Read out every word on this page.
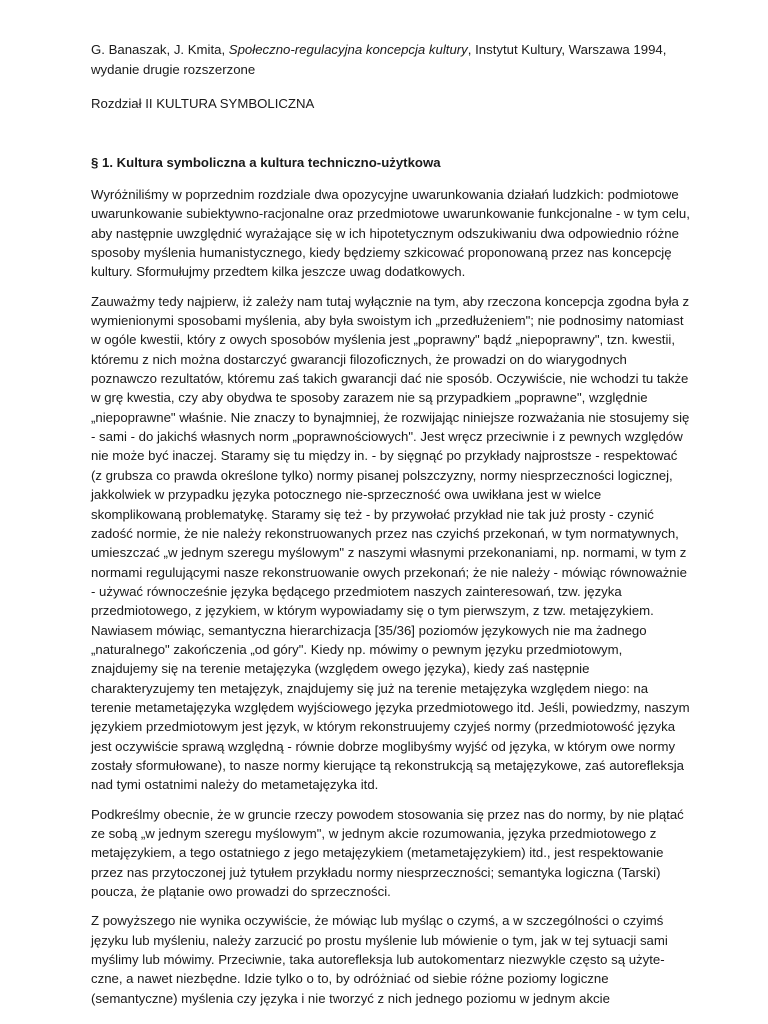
G. Banaszak, J. Kmita, Społeczno-regulacyjna koncepcja kultury, Instytut Kultury, Warszawa 1994, wydanie drugie rozszerzone

Rozdział II KULTURA SYMBOLICZNA

§ 1. Kultura symboliczna a kultura techniczno-użytkowa

Wyróżniliśmy w poprzednim rozdziale dwa opozycyjne uwarunkowania działań ludzkich: podmiotowe uwarunkowanie subiektywno-racjonalne oraz przedmiotowe uwarunkowanie funkcjonalne - w tym celu, aby następnie uwzględnić wyrażające się w ich hipotetycznym odszukiwaniu dwa odpowiednio różne sposoby myślenia humanistycznego, kiedy będziemy szkicować proponowaną przez nas koncepcję kultury. Sformułujmy przedtem kilka jeszcze uwag dodatkowych.

Zauważmy tedy najpierw, iż zależy nam tutaj wyłącznie na tym, aby rzeczona koncepcja zgodna była z wymienionymi sposobami myślenia, aby była swoistym ich „przedłużeniem"; nie podnosimy natomiast w ogóle kwestii, który z owych sposobów myślenia jest „poprawny" bądź „niepoprawny", tzn. kwestii, któremu z nich można dostarczyć gwarancji filozoficznych, że prowadzi on do wiarygodnych poznawczo rezultatów, któremu zaś takich gwarancji dać nie sposób. Oczywiście, nie wchodzi tu także w grę kwestia, czy aby obydwa te sposoby zarazem nie są przypadkiem „poprawne", względnie „niepoprawne" właśnie. Nie znaczy to bynajmniej, że rozwijając niniejsze rozważania nie stosujemy się - sami - do jakichś własnych norm „poprawnościowych". Jest wręcz przeciwnie i z pewnych względów nie może być inaczej. Staramy się tu między in. - by sięgnąć po przykłady najprostsze - respektować (z grubsza co prawda określone tylko) normy pisanej polszczyzny, normy niesprzeczności logicznej, jakkolwiek w przypadku języka potocznego nie-sprzeczność owa uwikłana jest w wielce skomplikowaną problematykę. Staramy się też - by przywołać przykład nie tak już prosty - czynić zadość normie, że nie należy rekonstruowanych przez nas czyichś przekonań, w tym normatywnych, umieszczać „w jednym szeregu myślowym" z naszymi własnymi przekonaniami, np. normami, w tym z normami regulującymi nasze rekonstruowanie owych przekonań; że nie należy - mówiąc równoważnie - używać równocześnie języka będącego przedmiotem naszych zainteresowań, tzw. języka przedmiotowego, z językiem, w którym wypowiadamy się o tym pierwszym, z tzw. metajęzykiem. Nawiasem mówiąc, semantyczna hierarchizacja [35/36] poziomów językowych nie ma żadnego „naturalnego" zakończenia „od góry". Kiedy np. mówimy o pewnym języku przedmiotowym, znajdujemy się na terenie metajęzyka (względem owego języka), kiedy zaś następnie charakteryzujemy ten metajęzyk, znajdujemy się już na terenie metajęzyka względem niego: na terenie metametajęzyka względem wyjściowego języka przedmiotowego itd. Jeśli, powiedzmy, naszym językiem przedmiotowym jest język, w którym rekonstruujemy czyjeś normy (przedmiotowość języka jest oczywiście sprawą względną - równie dobrze moglibyśmy wyjść od języka, w którym owe normy zostały sformułowane), to nasze normy kierujące tą rekonstrukcją są metajęzykowe, zaś autorefleksja nad tymi ostatnimi należy do metametajęzyka itd.

Podkreślmy obecnie, że w gruncie rzeczy powodem stosowania się przez nas do normy, by nie plątać ze sobą „w jednym szeregu myślowym", w jednym akcie rozumowania, języka przedmiotowego z metajęzykiem, a tego ostatniego z jego metajęzykiem (metametajęzykiem) itd., jest respektowanie przez nas przytoczonej już tytułem przykładu normy niesprzeczności; semantyka logiczna (Tarski) poucza, że plątanie owo prowadzi do sprzeczności.

Z powyższego nie wynika oczywiście, że mówiąc lub myśląc o czymś, a w szczególności o czyimś języku lub myśleniu, należy zarzucić po prostu myślenie lub mówienie o tym, jak w tej sytuacji sami myślimy lub mówimy. Przeciwnie, taka autorefleksja lub autokomentarz niezwykle często są użyte-czne, a nawet niezbędne. Idzie tylko o to, by odróżniać od siebie różne poziomy logiczne (semantyczne) myślenia czy języka i nie tworzyć z nich jednego poziomu w jednym akcie
